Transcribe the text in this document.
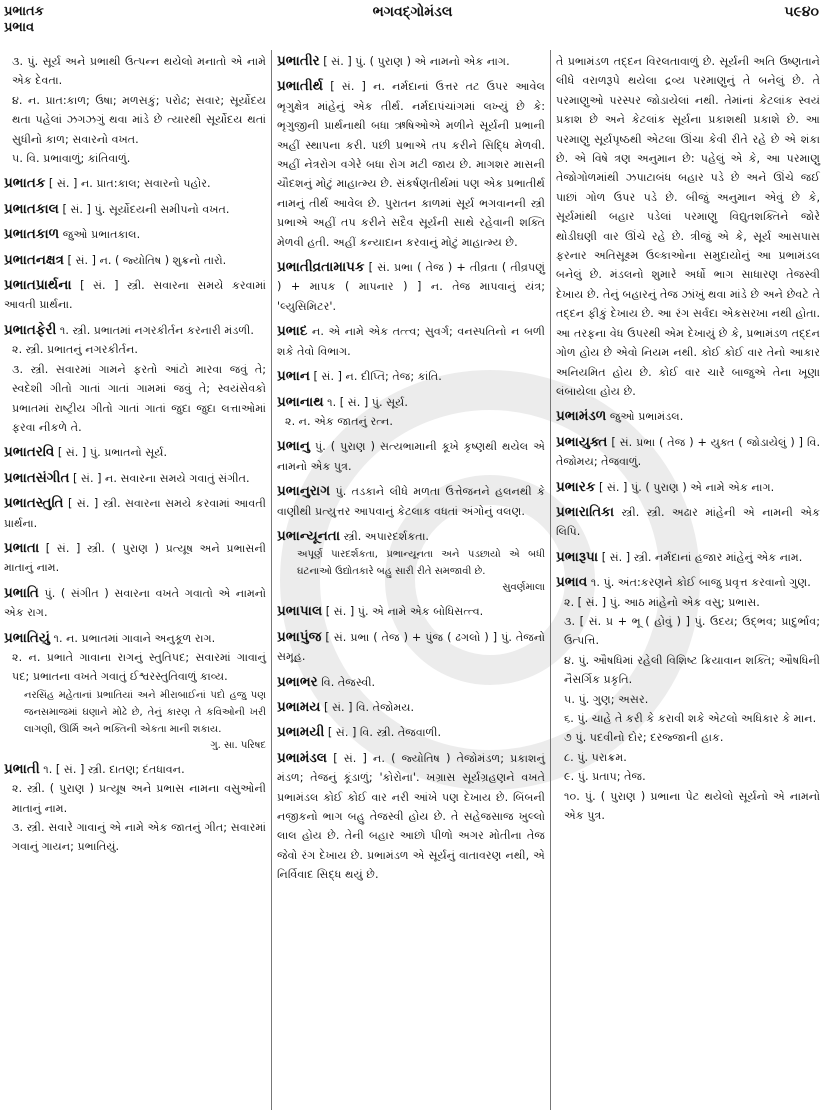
પ્રભાતક
પ્રભાવ
ભગવદ્ગોમંડલ	૫૯૪૦
૩. પું. સૂર્ય અને પ્રભાથી ઉત્પન્ન થયેલો મનાતો એ નામે એક દેવતા.
૪. ન. પ્રાત:કાળ; ઉષા; મળસકું; પરોઢ; સવાર; સૂર્યોદય થતા પહેલાં ઝગઝગું થવા માંડે છે ત્યારથી સૂર્યોદય થતાં સુધીનો કાળ; સવારનો વખત.
૫. વિ. પ્રભાવાળું; કાંતિવાળું.
પ્રભાતક [ સં. ] ન. પ્રાત:કાલ; સવારનો પહોર.
પ્રભાતકાલ [ સં. ] પું. સૂર્યોદયની સમીપનો વખત.
પ્રભાતકાળ જુઓ પ્રભાતકાલ.
પ્રભાતનક્ષત્ર [ સં. ] ન. ( જ્યોતિષ ) શુક્રનો તારો.
પ્રભાતપ્રાર્થના [ સં. ] સ્ત્રી. સવારના સમયે કરવામાં આવતી પ્રાર્થના.
પ્રભાતફેરી ૧. સ્ત્રી. પ્રભાતમાં નગરકીર્તન કરનારી મંડળી.
૨. સ્ત્રી. પ્રભાતનું નગરકીર્તન.
૩. સ્ત્રી. સવારમાં ગામને ફરતો આંટો મારવા જવું તે; સ્વદેશી ગીતો ગાતાં ગાતાં ગામમાં જવું તે; સ્વયંસેવકો પ્રભાતમાં રાષ્ટ્રીય ગીતો ગાતાં ગાતાં જુદા જુદા લત્તાઓમાં ફરવા નીકળે તે.
પ્રભાતરવિ [ સં. ] પું. પ્રભાતનો સૂર્ય.
પ્રભાતસંગીત [ સં. ] ન. સવારના સમયે ગવાતું સંગીત.
પ્રભાતસ્તુતિ [ સં. ] સ્ત્રી. સવારના સમયે કરવામાં આવતી પ્રાર્થના.
પ્રભાતા [ સં. ] સ્ત્રી. ( પુરાણ ) પ્રત્યૂષ અને પ્રભાસની માતાનું નામ.
પ્રભાતિ પું. ( સંગીત ) સવારના વખતે ગવાતો એ નામનો એક રાગ.
પ્રભાતિયું ૧. ન. પ્રભાતમાં ગાવાને અનુકૂળ રાગ.
૨. ન. પ્રભાતે ગાવાના રાગનું સ્તુતિપદ; સવારમાં ગાવાનું પદ; પ્રભાતના વખતે ગવાતું ઈશ્વરસ્તુતિવાળું કાવ્ય.
નરસિંહ મહેતાનાં પ્રભાતિયાં અને મીરાબાઈનાં પદો હજુ પણ જનસમાજમાં ઘણાને મોઢે છે, તેનું કારણ તે કવિઓની ખરી લાગણી, ઊર્મિ અને ભક્તિની એકતા માની શકાય.
ગુ. સા. પરિષદ
પ્રભાતી ૧. [ સં. ] સ્ત્રી. દાતણ; દંતધાવન.
૨. સ્ત્રી. ( પુરાણ ) પ્રત્યૂષ અને પ્રભાસ નામના વસુઓની માતાનું નામ.
૩. સ્ત્રી. સવારે ગાવાનું એ નામે એક જાતનું ગીત; સવારમાં ગવાનું ગાયન; પ્રભાતિયું.
પ્રભાતીર [ સં. ] પું. ( પુરાણ ) એ નામનો એક નાગ.
પ્રભાતીર્થ [ સં. ] ન. નર્મદાનાં ઉત્તર તટ ઉપર આવેલ ભૃગુક્ષેત્ર માંહેનું એક તીર્થ. નર્મદાપંચાંગમાં લખ્યું છે કે: ભૃગુજીની પ્રાર્થનાથી બધા ઋષિઓએ મળીને સૂર્યની પ્રભાની અહીં સ્થાપના કરી. પછી પ્રભાએ તપ કરીને સિદ્ધિ મેળવી. અહીં નેત્રરોગ વગેરે બધા રોગ મટી જાય છે. માગશર માસની ચૌદશનું મોટું માહાત્મ્ય છે. સંકર્ષણતીર્થમાં પણ એક પ્રભાતીર્થ નામનું તીર્થ આવેલ છે. પુરાતન કાળમાં સૂર્ય ભગવાનની સ્ત્રી પ્રભાએ અહીં તપ કરીને સદૈવ સૂર્યની સાથે રહેવાની શક્તિ મેળવી હતી. અહીં કન્યાદાન કરવાનું મોટું માહાત્મ્ય છે.
પ્રભાતીવ્રતામાપક [ સં. પ્રભા ( તેજ ) + તીવ્રતા ( તીવ્રપણું ) + માપક ( માપનાર ) ] ન. તેજ માપવાનું યંત્ર; 'લ્યુસિમિટર'.
પ્રભાદ ન. એ નામે એક તત્ત્વ; સુવર્ગ; વનસ્પતિનો ન બળી શકે તેવો વિભાગ.
પ્રભાન [ સં. ] ન. દીપ્તિ; તેજ; કાંતિ.
પ્રભાનાથ ૧. [ સં. ] પું. સૂર્ય.
૨. ન. એક જાતનું રત્ન.
પ્રભાનુ પું. ( પુરાણ ) સત્યભામાની કૂખે કૃષ્ણથી થયેલ એ નામનો એક પુત્ર.
પ્રભાનુરાગ પું. તડકાને લીધે મળતા ઉત્તેજનને હલનથી કે વાણીથી પ્રત્યુત્તર આપવાનું કેટલાક વધતાં અંગોનું વલણ.
પ્રભાન્યૂનતા સ્ત્રી. અપારદર્શકતા.
અપૂર્ણ પારદર્શકતા, પ્રભાન્યૂનતા અને પડછાયો એ બધી ઘટનાઓ ઉદ્યોતકારે બહુ સારી રીતે સમજાવી છે.
સુવર્ણમાલા
પ્રભાપાલ [ સં. ] પું. એ નામે એક બોધિસત્ત્વ.
પ્રભાપુંજ [ સં. પ્રભા ( તેજ ) + પુંજ ( ઢગલો ) ] પું. તેજનો સમૂહ.
પ્રભાભર વિ. તેજસ્વી.
પ્રભામય [ સં. ] વિ. તેજોમય.
પ્રભામયી [ સં. ] વિ. સ્ત્રી. તેજવાળી.
પ્રભામંડલ [ સં. ] ન. ( જ્યોતિષ ) તેજોમંડળ; પ્રકાશનું મંડળ; તેજનું કૂંડાળું; 'કોરોના'. ખગ્રાસ સૂર્યગ્રહણને વખતે પ્રભામંડલ કોઈ કોઈ વાર નરી આંખે પણ દેખાય છે. બિંબની નજીકનો ભાગ બહુ તેજસ્વી હોય છે. તે સહેજસાજ ખુલ્લો લાલ હોય છે. તેની બહાર આછો પીળો અગર મોતીના તેજ જેવો રંગ દેખાય છે. પ્રભામંડળ એ સૂર્યનું વાતાવરણ નથી, એ નિર્વિવાદ સિદ્ધ થયું છે.
તે પ્રભામંડળ તદ્દન વિરલતાવાળું છે. સૂર્યની અતિ ઉષ્ણતાને લીધે વરાળરૂપે થયેલા દ્રવ્ય પરમાણુનું તે બનેલું છે. તે પરમાણુઓ પરસ્પર જોડાયેલાં નથી. તેમાંનાં કેટલાંક સ્વયં પ્રકાશ છે અને કેટલાંક સૂર્યના પ્રકાશથી પ્રકાશે છે. આ પરમાણુ સૂર્યપૃષ્ઠથી એટલા ઊંચા કેવી રીતે રહે છે એ શંકા છે. એ વિષે ત્રણ અનુમાન છે: પહેલું એ કે, આ પરમાણુ તેજોગોળમાંથી ઝપાટાબંધ બહાર પડે છે અને ઊંચે જઈ પાછાં ગોળ ઉપર પડે છે. બીજું અનુમાન એવું છે કે, સૂર્યમાંથી બહાર પડેલાં પરમાણુ વિદ્યુતશક્તિને જોરે થોડીઘણી વાર ઊંચે રહે છે. ત્રીજું એ કે, સૂર્ય આસપાસ ફરનાર અતિસૂક્ષ્મ ઉલ્કાઓના સમુદાયોનું આ પ્રભામંડલ બનેલું છે. મંડલનો શુમારે અર્ધો ભાગ સાધારણ તેજસ્વી દેખાય છે. તેનું બહારનું તેજ ઝાંખું થવા માંડે છે અને છેવટે તે તદ્દન ફીકું દેખાય છે. આ રંગ સર્વદા એકસરખા નથી હોતા. આ તરફના વેધ ઉપરથી એમ દેખાયું છે કે, પ્રભામંડળ તદ્દન ગોળ હોય છે એવો નિયમ નથી. કોઈ કોઈ વાર તેનો આકાર અનિયમિત હોય છે. કોઈ વાર ચારે બાજુએ તેના ખૂણા લંબાયેલા હોય છે.
પ્રભામંડળ જુઓ પ્રભામંડલ.
પ્રભાયુક્ત [ સં. પ્રભા ( તેજ ) + યુક્ત ( જોડાયેલું ) ] વિ. તેજોમય; તેજવાળું.
પ્રભારક [ સં. ] પું. ( પુરાણ ) એ નામે એક નાગ.
પ્રભારાતિકા સ્ત્રી. સ્ત્રી. અઢાર માંહેની એ નામની એક લિપિ.
પ્રભારૂપા [ સં. ] સ્ત્રી. નર્મદાનાં હજાર માંહેનું એક નામ.
પ્રભાવ ૧. પું. અંત:કરણને કોઈ બાજુ પ્રવૃત્ત કરવાનો ગુણ.
૨. [ સં. ] પું. આઠ માંહેનો એક વસુ; પ્રભાસ.
૩. [ સં. પ્ર + ભૂ ( હોવું ) ] પું. ઉદય; ઉદ્ભવ; પ્રાદુર્ભાવ; ઉત્પત્તિ.
૪. પું. ઔષધિમાં રહેલી વિશિષ્ટ ક્રિયાવાન શક્તિ; ઔષધિની નૈસર્ગિક પ્રકૃતિ.
૫. પું. ગુણ; અસર.
૬. પું. ચાહે તે કરી કે કરાવી શકે એટલો અધિકાર કે માન.
૭ પું. પદવીનો દોર; દરજ્જાની હાક.
૮. પું. પરાક્રમ.
૯. પું. પ્રતાપ; તેજ.
૧૦. પું. ( પુરાણ ) પ્રભાના પેટ થયેલો સૂર્યનો એ નામનો એક પુત્ર.
